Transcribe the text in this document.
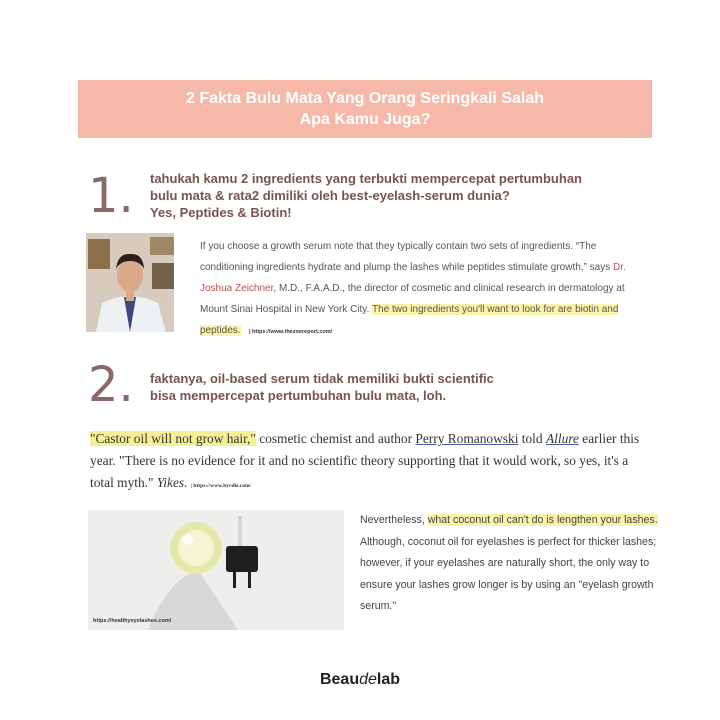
2 Fakta Bulu Mata Yang Orang Seringkali Salah
Apa Kamu Juga?
1. tahukah kamu 2 ingredients yang terbukti mempercepat pertumbuhan
bulu mata & rata2 dimiliki oleh best-eyelash-serum dunia?
Yes, Peptides & Biotin!
If you choose a growth serum note that they typically contain two sets of ingredients. “The conditioning ingredients hydrate and plump the lashes while peptides stimulate growth,” says Dr. Joshua Zeichner, M.D., F.A.A.D., the director of cosmetic and clinical research in dermatology at Mount Sinai Hospital in New York City. The two ingredients you'll want to look for are biotin and peptides. | https://www.thezoereport.com/
2. faktanya, oil-based serum tidak memiliki bukti scientific
bisa mempercepat pertumbuhan bulu mata, loh.
"Castor oil will not grow hair," cosmetic chemist and author Perry Romanowski told Allure earlier this year. "There is no evidence for it and no scientific theory supporting that it would work, so yes, it's a total myth." Yikes. | https://www.byrdie.com/
https://healthyeyelashes.com/
Nevertheless, what coconut oil can't do is lengthen your lashes. Although, coconut oil for eyelashes is perfect for thicker lashes; however, if your eyelashes are naturally short, the only way to ensure your lashes grow longer is by using an "eyelash growth serum."
Beaudelab
